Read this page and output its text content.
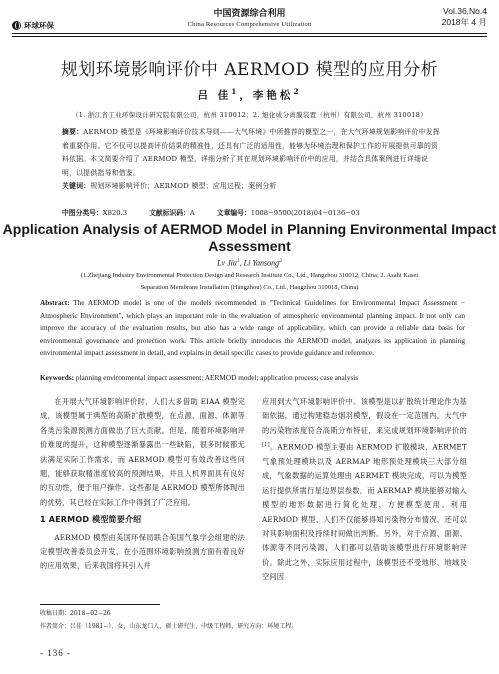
环球环保
中国资源综合利用
China Resources Comprehensive Utilization
Vol.36,No.4
2018年 4 月
规划环境影响评价中 AERMOD 模型的应用分析
吕 佳$^1$，李艳松$^2$
（1. 浙江省工业环保设计研究院有限公司，杭州 310012；2. 旭化成分离膜装置（杭州）有限公司，杭州 310018）
摘要：AERMOD 模型是《环境影响评价技术导则——大气环境》中所推荐的模型之一，在大气环境规划影响评价中发挥着重要作用。它不仅可以提高评价结果的精准性，还具有广泛的适用性，能够为环境治理和保护工作的开展提供可靠的资料依据。本文简要介绍了 AERMOD 模型，详细分析了其在规划环境影响评价中的应用，并结合具体案例进行详细说明，以提供指导和借鉴。
关键词：规划环境影响评价；AERMOD 模型；应用过程；案例分析
中图分类号：X820.3	文献标识码：A	文章编号：1008−9500(2018)04−0136−03
Application Analysis of AERMOD Model in Planning Environmental Impact Assessment
Lv Jia$^1$, Li Yansong$^2$
(1.Zhejiang Industry Environmental Protection Design and Research Institute Co., Ltd., Hangzhou 310012, China; 2. Asahi Kasei
Separation Membrane Installation (Hangzhou) Co., Ltd., Hangzhou 310018, China)
Abstract: The AERMOD model is one of the models recommended in "Technical Guidelines for Environmental Impact Assessment − Atmospheric Environment", which plays an important role in the evaluation of atmospheric environmental planning impact. It not only can improve the accuracy of the evaluation results, but also has a wide range of applicability, which can provide a reliable data basis for environmental governance and protection work. This article briefly introduces the AERMOD model, analyzes its application in planning environmental impact assessment in detail, and explains in detail specific cases to provide guidance and reference.
Keywords: planning environmental impact assessment; AERMOD model; application process; case analysis

在开展大气环境影响评价时，人们大多借助 EIAA 模型完成，该模型属于典型的高斯扩散模型，在点源、面源、体源等各类污染源预测方面做出了巨大贡献。但是，随着环境影响评价难度的提升，这种模型逐渐暴露出一些缺陷，很多时候都无法满足实际工作需求，而 AERMOD 模型可有效改善这些问题，能够获取精准度较高的预测结果，并且人机界面具有良好的互动性，便于用户操作。这些都是 AERMOD 模型所体现出的优势，其已经在实际工作中得到了广泛应用。

1 AERMOD 模型简要介绍

AERMOD 模型由美国环保局联合美国气象学会组建的法定模型改善委员会开发，在小范围环境影响预测方面有着良好的应用效果，后来我国将其引入并

应用到大气环境影响评价中。该模型是以扩散统计理论作为基础依据，通过构建稳态烟羽模型，假设在一定范围内，大气中的污染物浓度符合高斯分布特征，来完成规划环境影响评价的[1]。AERMOD 模型主要由 AERMOD 扩散模块、AERMET 气象预处理模块以及 AERMAP 地形预处理模块三大部分组成，气象数据的运算处理由 AERMET 模块完成，可以为模型运行提供所需行星边界层参数，而 AERMAP 模块能够对输入模型的地形数据进行简化处理，方便模型使用。利用 AERMOD 模型，人们不仅能够得知污染物分布情况，还可以对其影响面积及持续时间做出判断。另外，对于点源、面源、体源等不同污染源，人们都可以借助该模型进行环境影响评价。除此之外，实际应用过程中，该模型还不受地形、地域及空间因

收稿日期：2018−02−26
作者简介：吕佳（1981−），女，山东龙口人，硕士研究生，中级工程师，研究方向：环境工程。
- 136 -
